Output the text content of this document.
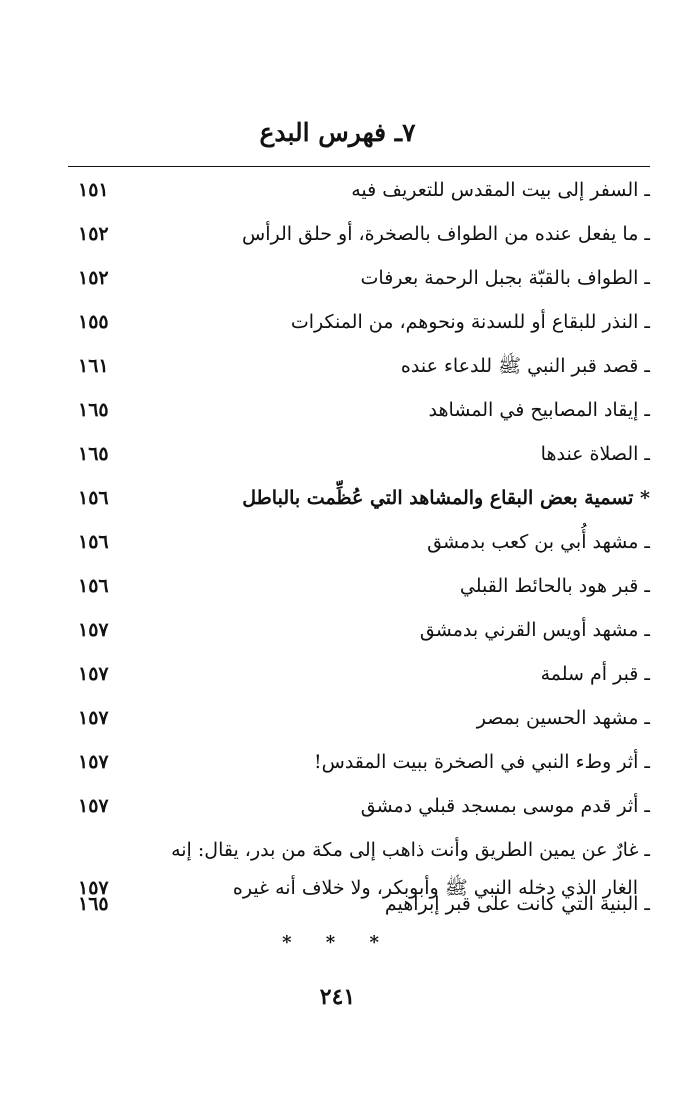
٧ـ فهرس البدع
ـ السفر إلى بيت المقدس للتعريف فيه
١٥١
ـ ما يفعل عنده من الطواف بالصخرة، أو حلق الرأس
١٥٢
ـ الطواف بالقبّة بجبل الرحمة بعرفات
١٥٢
ـ النذر للبقاع أو للسدنة ونحوهم، من المنكرات
١٥٥
ـ قصد قبر النبي ﷺ للدعاء عنده
١٦١
ـ إيقاد المصابيح في المشاهد
١٦٥
ـ الصلاة عندها
١٦٥
* تسمية بعض البقاع والمشاهد التي عُظِّمت بالباطل
١٥٦
ـ مشهد أُبي بن كعب بدمشق
١٥٦
ـ قبر هود بالحائط القبلي
١٥٦
ـ مشهد أويس القرني بدمشق
١٥٧
ـ قبر أم سلمة
١٥٧
ـ مشهد الحسين بمصر
١٥٧
ـ أثر وطء النبي في الصخرة ببيت المقدس!
١٥٧
ـ أثر قدم موسى بمسجد قبلي دمشق
١٥٧
ـ غارٌ عن يمين الطريق وأنت ذاهب إلى مكة من بدر، يقال: إنه
الغار الذي دخله النبي ﷺ وأبوبكر، ولا خلاف أنه غيره
١٥٧
ـ البنية التي كانت على قبر إبراهيم
١٦٥
* * *
٢٤١
